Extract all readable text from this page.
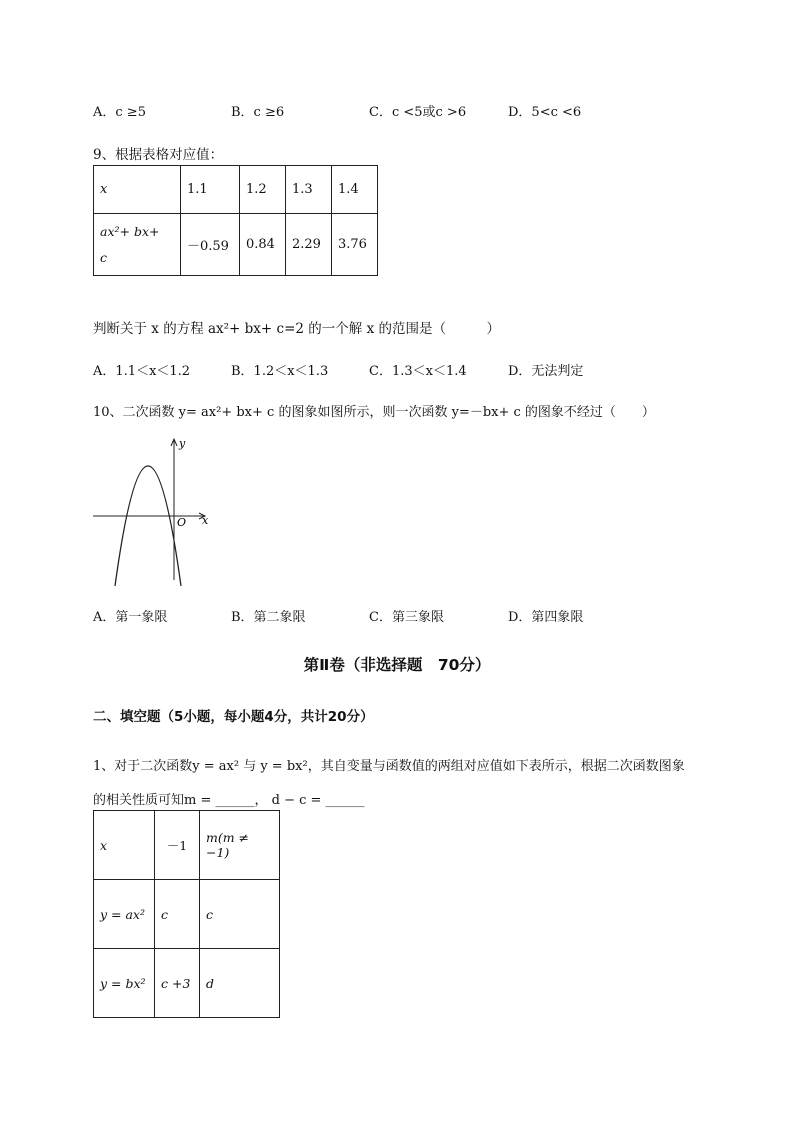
A．c ≥5	B．c ≥6	C．c <5或c >6	D．5<c <6
9、根据表格对应值：
x	1.1	1.2	1.3	1.4

ax²+ bx+
c	－0.59	0.84	2.29	3.76
判断关于 x 的方程 ax²+ bx+ c=2 的一个解 x 的范围是（　　　）
A．1.1＜x＜1.2	B．1.2＜x＜1.3	C．1.3＜x＜1.4	D．无法判定
10、二次函数 y= ax²+ bx+ c 的图象如图所示，则一次函数 y=－bx+ c 的图象不经过（　　）
y
x
O
A．第一象限	B．第二象限	C．第三象限	D．第四象限
第Ⅱ卷（非选择题　70分）
二、填空题（5小题，每小题4分，共计20分）
1、对于二次函数y = ax² 与 y = bx²，其自变量与函数值的两组对应值如下表所示，根据二次函数图象
的相关性质可知m = ______， d − c = ______
x	－1	m(m ≠ −1)
y = ax²	c	c
y = bx²	c +3	d
